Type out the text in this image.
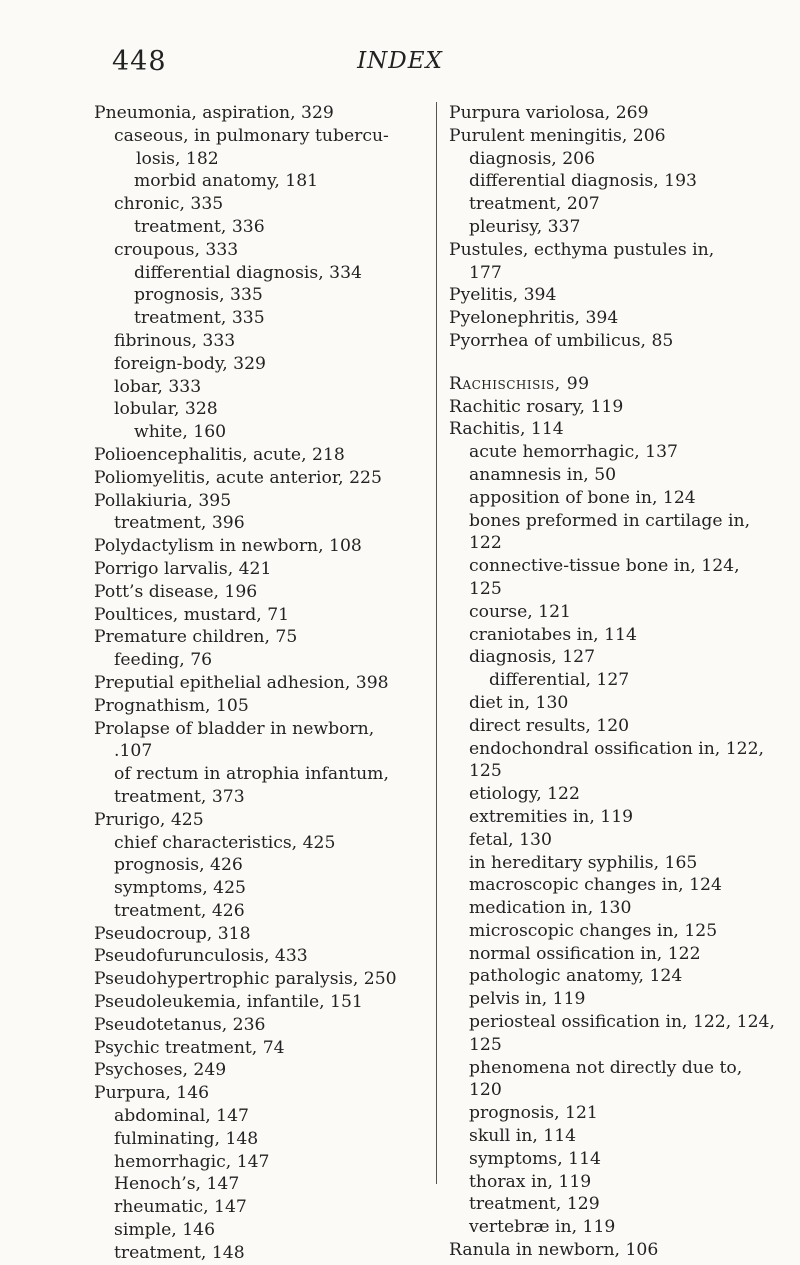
448	INDEX
Pneumonia, aspiration, 329
caseous, in pulmonary tubercu-
losis, 182
morbid anatomy, 181
chronic, 335
treatment, 336
croupous, 333
differential diagnosis, 334
prognosis, 335
treatment, 335
fibrinous, 333
foreign-body, 329
lobar, 333
lobular, 328
white, 160
Polioencephalitis, acute, 218
Poliomyelitis, acute anterior, 225
Pollakiuria, 395
treatment, 396
Polydactylism in newborn, 108
Porrigo larvalis, 421
Pott’s disease, 196
Poultices, mustard, 71
Premature children, 75
feeding, 76
Preputial epithelial adhesion, 398
Prognathism, 105
Prolapse of bladder in newborn,
.107
of rectum in atrophia infantum,
treatment, 373
Prurigo, 425
chief characteristics, 425
prognosis, 426
symptoms, 425
treatment, 426
Pseudocroup, 318
Pseudofurunculosis, 433
Pseudohypertrophic paralysis, 250
Pseudoleukemia, infantile, 151
Pseudotetanus, 236
Psychic treatment, 74
Psychoses, 249
Purpura, 146
abdominal, 147
fulminating, 148
hemorrhagic, 147
Henoch’s, 147
rheumatic, 147
simple, 146
treatment, 148
Purpura variolosa, 269
Purulent meningitis, 206
diagnosis, 206
differential diagnosis, 193
treatment, 207
pleurisy, 337
Pustules, ecthyma pustules in,
177
Pyelitis, 394
Pyelonephritis, 394
Pyorrhea of umbilicus, 85
Rachischisis, 99
Rachitic rosary, 119
Rachitis, 114
acute hemorrhagic, 137
anamnesis in, 50
apposition of bone in, 124
bones preformed in cartilage in,
122
connective-tissue bone in, 124,
125
course, 121
craniotabes in, 114
diagnosis, 127
differential, 127
diet in, 130
direct results, 120
endochondral ossification in, 122,
125
etiology, 122
extremities in, 119
fetal, 130
in hereditary syphilis, 165
macroscopic changes in, 124
medication in, 130
microscopic changes in, 125
normal ossification in, 122
pathologic anatomy, 124
pelvis in, 119
periosteal ossification in, 122, 124,
125
phenomena not directly due to,
120
prognosis, 121
skull in, 114
symptoms, 114
thorax in, 119
treatment, 129
vertebræ in, 119
Ranula in newborn, 106
